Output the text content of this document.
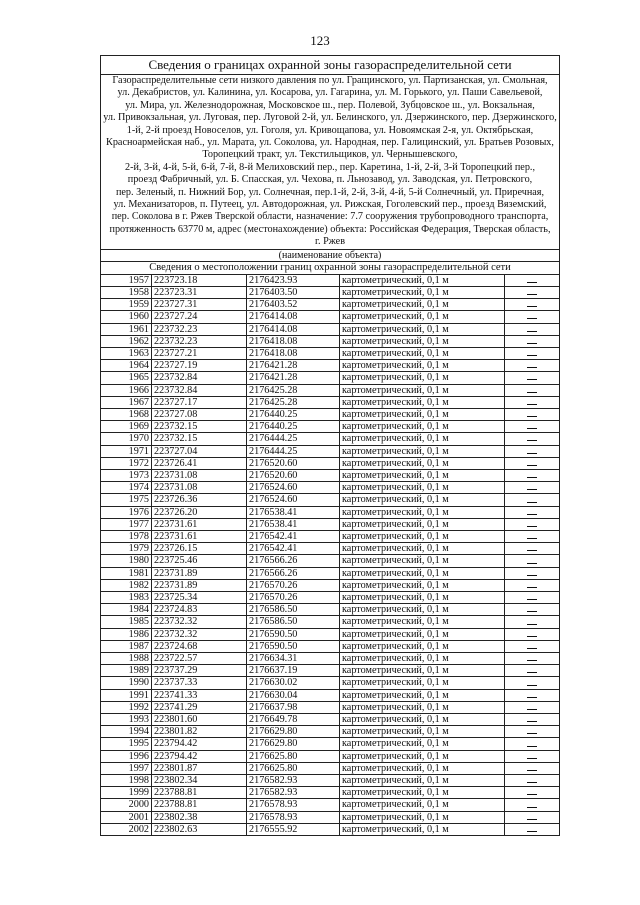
123
Сведения о границах охранной зоны газораспределительной сети
Газораспределительные сети низкого давления по ул. Гращинского, ул. Партизанская, ул. Смольная,
ул. Декабристов, ул. Калинина, ул. Косарова, ул. Гагарина, ул. М. Горького, ул. Паши Савельевой,
ул. Мира, ул. Железнодорожная, Московское ш., пер. Полевой, Зубцовское ш., ул. Вокзальная,
ул. Привокзальная, ул. Луговая, пер. Луговой 2-й, ул. Белинского, ул. Дзержинского, пер. Дзержинского,
1-й, 2-й проезд Новоселов, ул. Гоголя, ул. Кривощапова, ул. Новоямская 2-я, ул. Октябрьская,
Красноармейская наб., ул. Марата, ул. Соколова, ул. Народная, пер. Галицинский, ул. Братьев Розовых,
Торопецкий тракт, ул. Текстильщиков, ул. Чернышевского,
2-й, 3-й, 4-й, 5-й, 6-й, 7-й, 8-й Мелиховский пер., пер. Каретина, 1-й, 2-й, 3-й Торопецкий пер.,
проезд Фабричный, ул. Б. Спасская, ул. Чехова, п. Льнозавод, ул. Заводская, ул. Петровского,
пер. Зеленый, п. Нижний Бор, ул. Солнечная, пер.1-й, 2-й, 3-й, 4-й, 5-й Солнечный, ул. Приречная,
ул. Механизаторов, п. Путеец, ул. Автодорожная, ул. Рижская, Гоголевский пер., проезд Вяземский,
пер. Соколова в г. Ржев Тверской области, назначение: 7.7 сооружения трубопроводного транспорта,
протяженность 63770 м, адрес (местонахождение) объекта: Российская Федерация, Тверская область,
г. Ржев
(наименование объекта)
Сведения о местоположении границ охранной зоны газораспределительной сети
1957	223723.18	2176423.93	картометрический, 0,1 м	
1958	223723.31	2176403.50	картометрический, 0,1 м	
1959	223727.31	2176403.52	картометрический, 0,1 м	
1960	223727.24	2176414.08	картометрический, 0,1 м	
1961	223732.23	2176414.08	картометрический, 0,1 м	
1962	223732.23	2176418.08	картометрический, 0,1 м	
1963	223727.21	2176418.08	картометрический, 0,1 м	
1964	223727.19	2176421.28	картометрический, 0,1 м	
1965	223732.84	2176421.28	картометрический, 0,1 м	
1966	223732.84	2176425.28	картометрический, 0,1 м	
1967	223727.17	2176425.28	картометрический, 0,1 м	
1968	223727.08	2176440.25	картометрический, 0,1 м	
1969	223732.15	2176440.25	картометрический, 0,1 м	
1970	223732.15	2176444.25	картометрический, 0,1 м	
1971	223727.04	2176444.25	картометрический, 0,1 м	
1972	223726.41	2176520.60	картометрический, 0,1 м	
1973	223731.08	2176520.60	картометрический, 0,1 м	
1974	223731.08	2176524.60	картометрический, 0,1 м	
1975	223726.36	2176524.60	картометрический, 0,1 м	
1976	223726.20	2176538.41	картометрический, 0,1 м	
1977	223731.61	2176538.41	картометрический, 0,1 м	
1978	223731.61	2176542.41	картометрический, 0,1 м	
1979	223726.15	2176542.41	картометрический, 0,1 м	
1980	223725.46	2176566.26	картометрический, 0,1 м	
1981	223731.89	2176566.26	картометрический, 0,1 м	
1982	223731.89	2176570.26	картометрический, 0,1 м	
1983	223725.34	2176570.26	картометрический, 0,1 м	
1984	223724.83	2176586.50	картометрический, 0,1 м	
1985	223732.32	2176586.50	картометрический, 0,1 м	
1986	223732.32	2176590.50	картометрический, 0,1 м	
1987	223724.68	2176590.50	картометрический, 0,1 м	
1988	223722.57	2176634.31	картометрический, 0,1 м	
1989	223737.29	2176637.19	картометрический, 0,1 м	
1990	223737.33	2176630.02	картометрический, 0,1 м	
1991	223741.33	2176630.04	картометрический, 0,1 м	
1992	223741.29	2176637.98	картометрический, 0,1 м	
1993	223801.60	2176649.78	картометрический, 0,1 м	
1994	223801.82	2176629.80	картометрический, 0,1 м	
1995	223794.42	2176629.80	картометрический, 0,1 м	
1996	223794.42	2176625.80	картометрический, 0,1 м	
1997	223801.87	2176625.80	картометрический, 0,1 м	
1998	223802.34	2176582.93	картометрический, 0,1 м	
1999	223788.81	2176582.93	картометрический, 0,1 м	
2000	223788.81	2176578.93	картометрический, 0,1 м	
2001	223802.38	2176578.93	картометрический, 0,1 м	
2002	223802.63	2176555.92	картометрический, 0,1 м	
